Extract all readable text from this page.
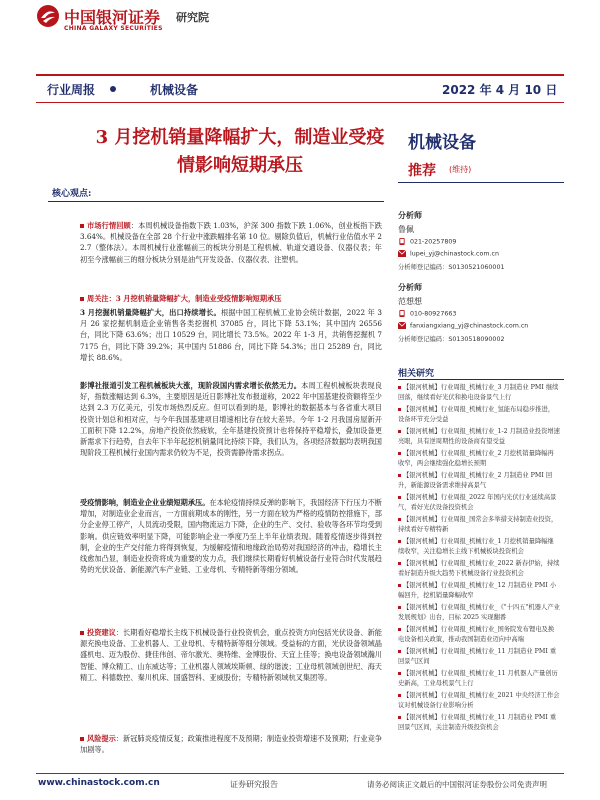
中国银河证券 研究院
CHINA GALAXY SECURITIES
行业周报	机械设备	2022 年 4 月 10 日
3 月挖机销量降幅扩大，制造业受疫情影响短期承压
机械设备
推荐 (维持)
核心观点:
市场行情回顾：本周机械设备指数下跌 1.03%，沪深 300 指数下跌 1.06%，创业板指下跌 3.64%。机械设备在全部 28 个行业中涨跌幅排名第 10 位。剔除负值后，机械行业估值水平 22.7（整体法）。本周机械行业涨幅前三的板块分别是工程机械、轨道交通设备、仪器仪表；年初至今涨幅前三的细分板块分别是油气开发设备、仪器仪表、注塑机。
周关注：3 月挖机销量降幅扩大，制造业受疫情影响短期承压
3 月挖掘机销量降幅扩大，出口持续增长。根据中国工程机械工业协会统计数据，2022 年 3 月 26 家挖掘机制造企业销售各类挖掘机 37085 台，同比下降 53.1%；其中国内 26556 台，同比下降 63.6%；出口 10529 台，同比增长 73.5%。2022 年 1-3 月，共销售挖掘机 77175 台，同比下降 39.2%；其中国内 51886 台，同比下降 54.3%；出口 25289 台，同比增长 88.6%。
影博社报道引发工程机械板块大涨，现阶段国内需求增长依然无力。本周工程机械板块表现良好，指数涨幅达到 6.3%，主要原因是近日影博社发布报道称，2022 年中国基建投资额将至少达到 2.3 万亿美元，引发市场热烈反应。但可以看到的是，影博社的数据基本与各省重大项目投资计划总和相对应，与今年我国基建项目增速相比存在较大差异。今年 1-2 月我国房屋新开工面积下降 12.2%，房地产投资依然疲软，全年基建投资预计也将保持平稳增长，叠加设备更新需求下行趋势，自去年下半年起挖机销量同比持续下降，我们认为，各项经济数据均表明我国现阶段工程机械行业国内需求仍较为不足，投资需静待需求拐点。
受疫情影响，制造业企业业绩短期承压。在本轮疫情持续反弹的影响下，我国经济下行压力不断增加，对制造业企业而言，一方面前期成本的刚性，另一方面在较为严格的疫情防控措施下，部分企业停工停产，人员流动受限，国内物流运力下降，企业的生产、交付、验收等各环节均受到影响。供应链效率明显下降，可能影响企业一季度乃至上半年业绩表现。随着疫情逐步得到控制，企业的生产交付能力将得到恢复，为缓解疫情和地缘政治局势对我国经济的冲击，稳增长主线愈加凸显，制造业投资将成为重要的发力点，我们继续长期看好机械设备行业符合时代发展趋势的光伏设备、新能源汽车产业链、工业母机、专精特新等细分领域。
投资建议：长期看好稳增长主线下机械设备行业投资机会，重点投资方向包括光伏设备、新能源充换电设备、工业机器人、工业母机、专精特新等细分领域。受益标的方面，光伏设备领域晶盛机电、迈为股份、捷佳伟创、帝尔激光、奥特维、金博股份、天宜上佳等；换电设备领域瀚川智能、博众精工、山东威达等；工业机器人领域埃斯顿、绿的谐波；工业母机领域创世纪、海天精工、科德数控、秦川机床、国盛智科、亚威股份；专精特新领域杭叉集团等。
风险提示：新冠肺炎疫情反复；政策推进程度不及预期；制造业投资增速不及预期；行业竞争加剧等。
分析师
鲁佩
021-20257809
lupei_yj@chinastock.com.cn
分析师登记编码：S0130521060001
分析师
范想想
010-80927663
fanxiangxiang_yj@chinastock.com.cn
分析师登记编码：S0130518090002
相关研究
【银河机械】行业周报_机械行业_3 月制造业 PMI 继续回落，继续看好光伏和换电设备景气上行
【银河机械】行业周报_机械行业_氢能布局稳步推进，设备环节充分受益
【银河机械】行业周报_机械行业_1-2 月制造业投资增速亮眼，具有逆周期性的设备商有望受益
【银河机械】行业周报_机械行业_2 月挖机销量降幅再收窄，两会继续强化稳增长预期
【银河机械】行业周报_机械行业_2 月制造业 PMI 回升，新能源设备需求维持高景气
【银河机械】行业周报_2022 年国内光伏行业延续高景气，看好光伏设备投资机会
【银河机械】行业周报_国常会多举措支持制造业投资，持续看好专精特新
【银河机械】行业周报_机械行业_1 月挖机销量降幅继续收窄，关注稳增长主线下机械板块投资机会
【银河机械】行业周报_机械行业_2022 新春伊始，持续看好制造升级大趋势下机械设备行业投资机会
【银河机械】行业周报_机械行业_12 月制造业 PMI 小幅回升，挖机销量降幅收窄
【银河机械】行业周报_机械行业_《"十四五"机器人产业发展规划》出台，目标 2025 实现翻番
【银河机械】行业周报_机械行业_国务院发布锂电及换电设备相关政策，推动我国制造业迈向中高端
【银河机械】行业周报_机械行业_11 月制造业 PMI 重回景气区间
【银河机械】行业周报_机械行业_11 月机器人产量创历史新高，工业母机景气上行
【银河机械】行业周报_机械行业_2021 中央经济工作会议对机械设备行业影响分析
【银河机械】行业周报_机械行业_11 月制造业 PMI 重回景气区间，关注制造升级投资机会
www.chinastock.com.cn	证券研究报告	请务必阅读正文最后的中国银河证券股份公司免责声明
